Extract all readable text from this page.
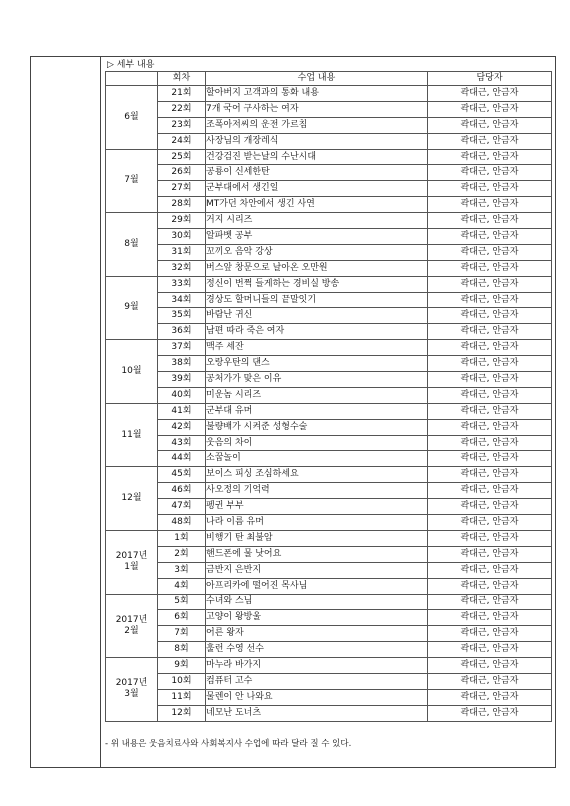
▷ 세부 내용
	회차	수업 내용	담당자

6월	21회	할아버지 고객과의 통화 내용	곽대근, 안금자
	22회	7개 국어 구사하는 여자	곽대근, 안금자
	23회	조폭아저씨의 운전 가르침	곽대근, 안금자
	24회	사장님의 개장레식	곽대근, 안금자

7월	25회	건강검진 받는날의 수난시대	곽대근, 안금자
	26회	공룡이 신세한탄	곽대근, 안금자
	27회	군부대에서 생긴일	곽대근, 안금자
	28회	MT가던 차안에서 생긴 사연	곽대근, 안금자

8월	29회	거지 시리즈	곽대근, 안금자
	30회	알파벳 공부	곽대근, 안금자
	31회	꼬끼오 음악 강상	곽대근, 안금자
	32회	버스앞 창문으로 날아온 오만원	곽대근, 안금자

9월	33회	정신이 번쩍 들게하는 경비실 방송	곽대근, 안금자
	34회	경상도 할머니들의 끝말잇기	곽대근, 안금자
	35회	바람난 귀신	곽대근, 안금자
	36회	남편 따라 죽은 여자	곽대근, 안금자

10월	37회	맥주 세잔	곽대근, 안금자
	38회	오랑우탄의 댄스	곽대근, 안금자
	39회	공처가가 맞은 이유	곽대근, 안금자
	40회	미운놈 시리즈	곽대근, 안금자

11월	41회	군부대 유머	곽대근, 안금자
	42회	불량배가 시켜준 성형수술	곽대근, 안금자
	43회	웃음의 차이	곽대근, 안금자
	44회	소꿉놀이	곽대근, 안금자

12월	45회	보이스 피싱 조심하세요	곽대근, 안금자
	46회	사오정의 기억력	곽대근, 안금자
	47회	펭귄 부부	곽대근, 안금자
	48회	나라 이름 유머	곽대근, 안금자

2017년
1월	1회	비행기 탄 최불암	곽대근, 안금자
	2회	핸드폰에 물 낫어요	곽대근, 안금자
	3회	금반지 은반지	곽대근, 안금자
	4회	아프리카에 떨어진 목사님	곽대근, 안금자

2017년
2월	5회	수녀와 스님	곽대근, 안금자
	6회	고양이 왕방울	곽대근, 안금자
	7회	어른 왕자	곽대근, 안금자
	8회	훌런 수영 선수	곽대근, 안금자

2017년
3월	9회	마누라 바가지	곽대근, 안금자
	10회	컴퓨터 고수	곽대근, 안금자
	11회	물렌이 안 나와요	곽대근, 안금자
	12회	네모난 도너츠	곽대근, 안금자
- 위 내용은 웃음치료사와 사회복지사 수업에 따라 달라 질 수 있다.
